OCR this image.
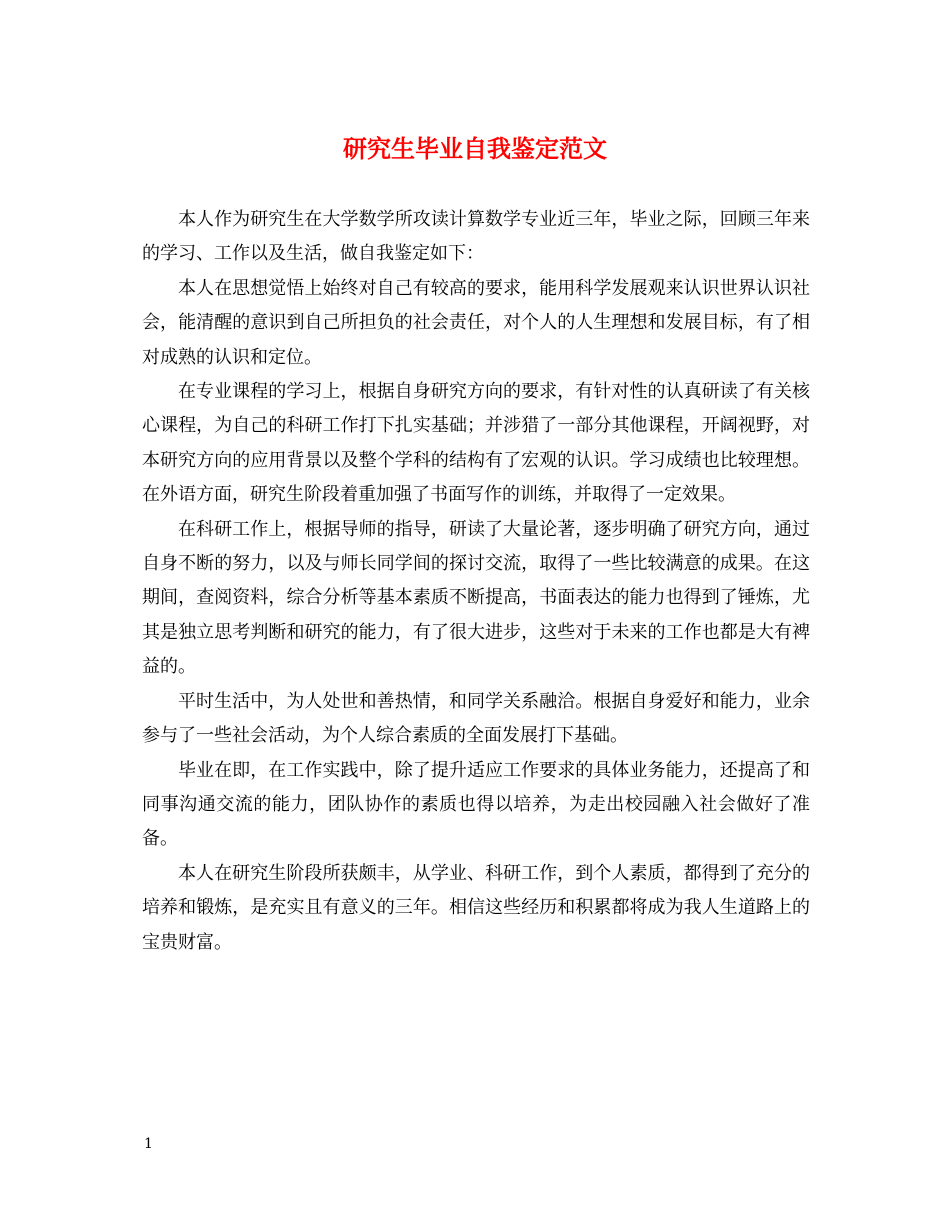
研究生毕业自我鉴定范文

本人作为研究生在大学数学所攻读计算数学专业近三年，毕业之际，回顾三年来的学习、工作以及生活，做自我鉴定如下：

本人在思想觉悟上始终对自己有较高的要求，能用科学发展观来认识世界认识社会，能清醒的意识到自己所担负的社会责任，对个人的人生理想和发展目标，有了相对成熟的认识和定位。

在专业课程的学习上，根据自身研究方向的要求，有针对性的认真研读了有关核心课程，为自己的科研工作打下扎实基础；并涉猎了一部分其他课程，开阔视野，对本研究方向的应用背景以及整个学科的结构有了宏观的认识。学习成绩也比较理想。在外语方面，研究生阶段着重加强了书面写作的训练，并取得了一定效果。

在科研工作上，根据导师的指导，研读了大量论著，逐步明确了研究方向，通过自身不断的努力，以及与师长同学间的探讨交流，取得了一些比较满意的成果。在这期间，查阅资料，综合分析等基本素质不断提高，书面表达的能力也得到了锤炼，尤其是独立思考判断和研究的能力，有了很大进步，这些对于未来的工作也都是大有裨益的。

平时生活中，为人处世和善热情，和同学关系融洽。根据自身爱好和能力，业余参与了一些社会活动，为个人综合素质的全面发展打下基础。

毕业在即，在工作实践中，除了提升适应工作要求的具体业务能力，还提高了和同事沟通交流的能力，团队协作的素质也得以培养，为走出校园融入社会做好了准备。

本人在研究生阶段所获颇丰，从学业、科研工作，到个人素质，都得到了充分的培养和锻炼，是充实且有意义的三年。相信这些经历和积累都将成为我人生道路上的宝贵财富。

1
